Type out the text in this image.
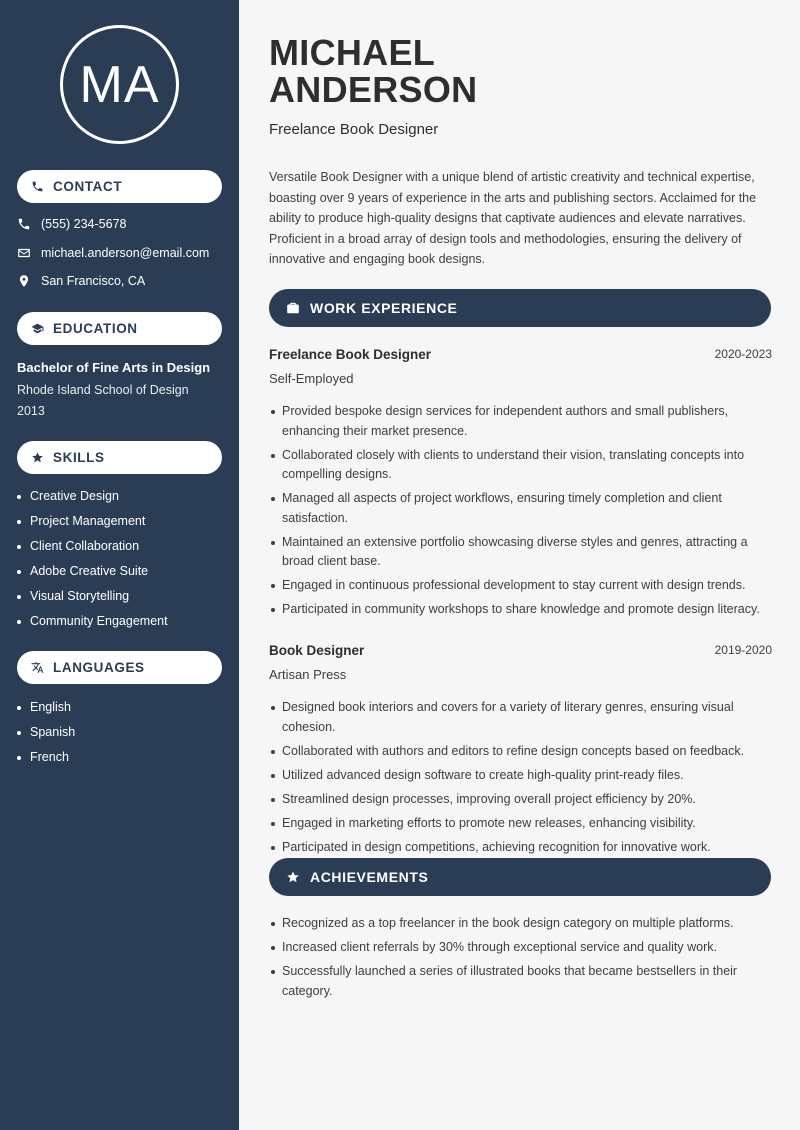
MA
CONTACT
(555) 234-5678
michael.anderson@email.com
San Francisco, CA
EDUCATION
Bachelor of Fine Arts in Design
Rhode Island School of Design
2013
SKILLS
Creative Design
Project Management
Client Collaboration
Adobe Creative Suite
Visual Storytelling
Community Engagement
LANGUAGES
English
Spanish
French
MICHAEL
ANDERSON
Freelance Book Designer

Versatile Book Designer with a unique blend of artistic creativity and technical expertise, boasting over 9 years of experience in the arts and publishing sectors. Acclaimed for the ability to produce high-quality designs that captivate audiences and elevate narratives. Proficient in a broad array of design tools and methodologies, ensuring the delivery of innovative and engaging book designs.

WORK EXPERIENCE
Freelance Book Designer	2020-2023
Self-Employed
Provided bespoke design services for independent authors and small publishers, enhancing their market presence.
Collaborated closely with clients to understand their vision, translating concepts into compelling designs.
Managed all aspects of project workflows, ensuring timely completion and client satisfaction.
Maintained an extensive portfolio showcasing diverse styles and genres, attracting a broad client base.
Engaged in continuous professional development to stay current with design trends.
Participated in community workshops to share knowledge and promote design literacy.
Book Designer	2019-2020
Artisan Press
Designed book interiors and covers for a variety of literary genres, ensuring visual cohesion.
Collaborated with authors and editors to refine design concepts based on feedback.
Utilized advanced design software to create high-quality print-ready files.
Streamlined design processes, improving overall project efficiency by 20%.
Engaged in marketing efforts to promote new releases, enhancing visibility.
Participated in design competitions, achieving recognition for innovative work.
ACHIEVEMENTS
Recognized as a top freelancer in the book design category on multiple platforms.
Increased client referrals by 30% through exceptional service and quality work.
Successfully launched a series of illustrated books that became bestsellers in their category.
